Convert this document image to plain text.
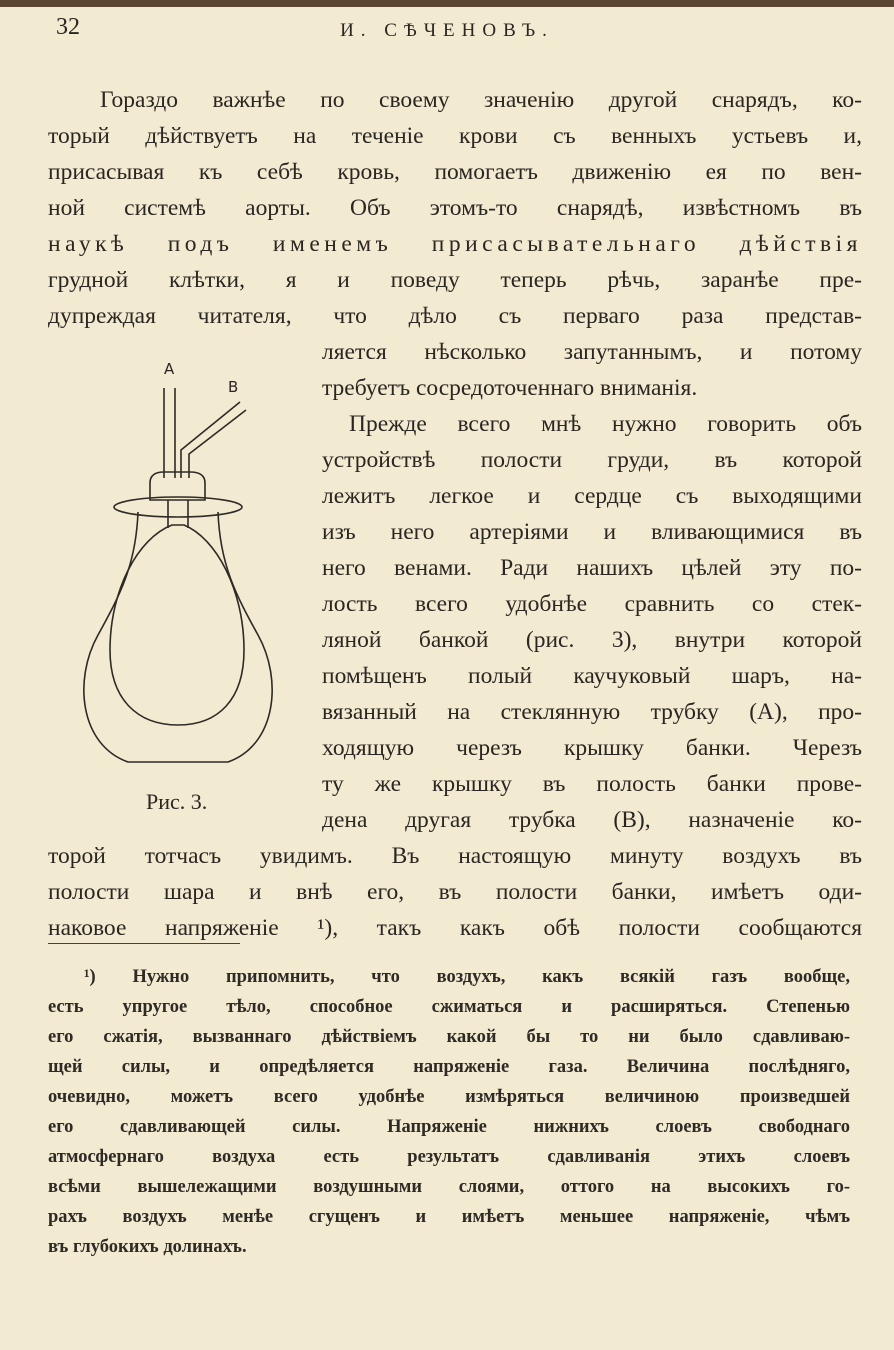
32	И. СѢЧЕНОВЪ.
Гораздо важнѣе по своему значенію другой снарядъ, ко-
торый дѣйствуетъ на теченіе крови съ венныхъ устьевъ и,
присасывая къ себѣ кровь, помогаетъ движенію ея по вен-
ной системѣ аорты. Объ этомъ-то снарядѣ, извѣстномъ въ
наукѣ подъ именемъ присасывательнаго дѣйствія
грудной клѣтки, я и поведу теперь рѣчь, заранѣе пре-
дупреждая читателя, что дѣло съ перваго раза представ-
ляется нѣсколько запутаннымъ, и потому
требуетъ сосредоточеннаго вниманія.
Прежде всего мнѣ нужно говорить объ
устройствѣ полости груди, въ которой
лежитъ легкое и сердце съ выходящими
изъ него артеріями и вливающимися въ
него венами. Ради нашихъ цѣлей эту по-
лость всего удобнѣе сравнить со стек-
ляной банкой (рис. 3), внутри которой
помѣщенъ полый каучуковый шаръ, на-
вязанный на стеклянную трубку (А), про-
ходящую черезъ крышку банки. Черезъ
ту же крышку въ полость банки прове-
дена другая трубка (В), назначеніе ко-
торой тотчасъ увидимъ. Въ настоящую минуту воздухъ въ
полости шара и внѣ его, въ полости банки, имѣетъ оди-
наковое напряженіе ¹), такъ какъ обѣ полости сообщаются
A
B
Рис. 3.
¹) Нужно припомнить, что воздухъ, какъ всякій газъ вообще,
есть упругое тѣло, способное сжиматься и расширяться. Степенью
его сжатія, вызваннаго дѣйствіемъ какой бы то ни было сдавливаю-
щей силы, и опредѣляется напряженіе газа. Величина послѣдняго,
очевидно, можетъ всего удобнѣе измѣряться величиною произведшей
его сдавливающей силы. Напряженіе нижнихъ слоевъ свободнаго
атмосфернаго воздуха есть результатъ сдавливанія этихъ слоевъ
всѣми вышележащими воздушными слоями, оттого на высокихъ го-
рахъ воздухъ менѣе сгущенъ и имѣетъ меньшее напряженіе, чѣмъ
въ глубокихъ долинахъ.
